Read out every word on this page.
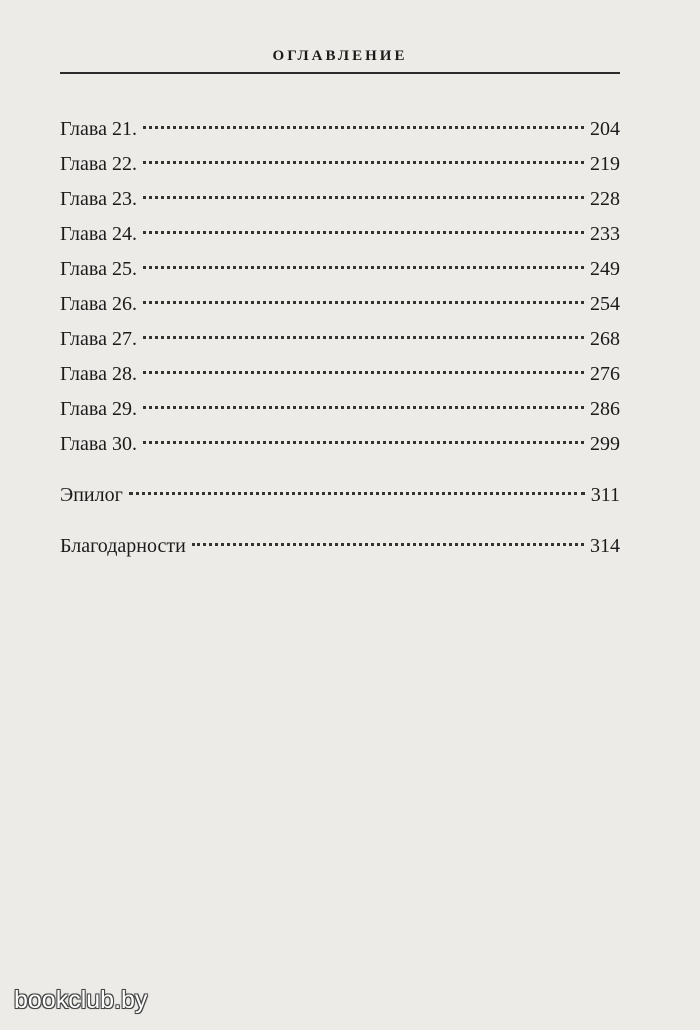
ОГЛАВЛЕНИЕ
Глава 21.	204
Глава 22.	219
Глава 23.	228
Глава 24.	233
Глава 25.	249
Глава 26.	254
Глава 27.	268
Глава 28.	276
Глава 29.	286
Глава 30.	299
Эпилог	311
Благодарности	314
bookclub.by
